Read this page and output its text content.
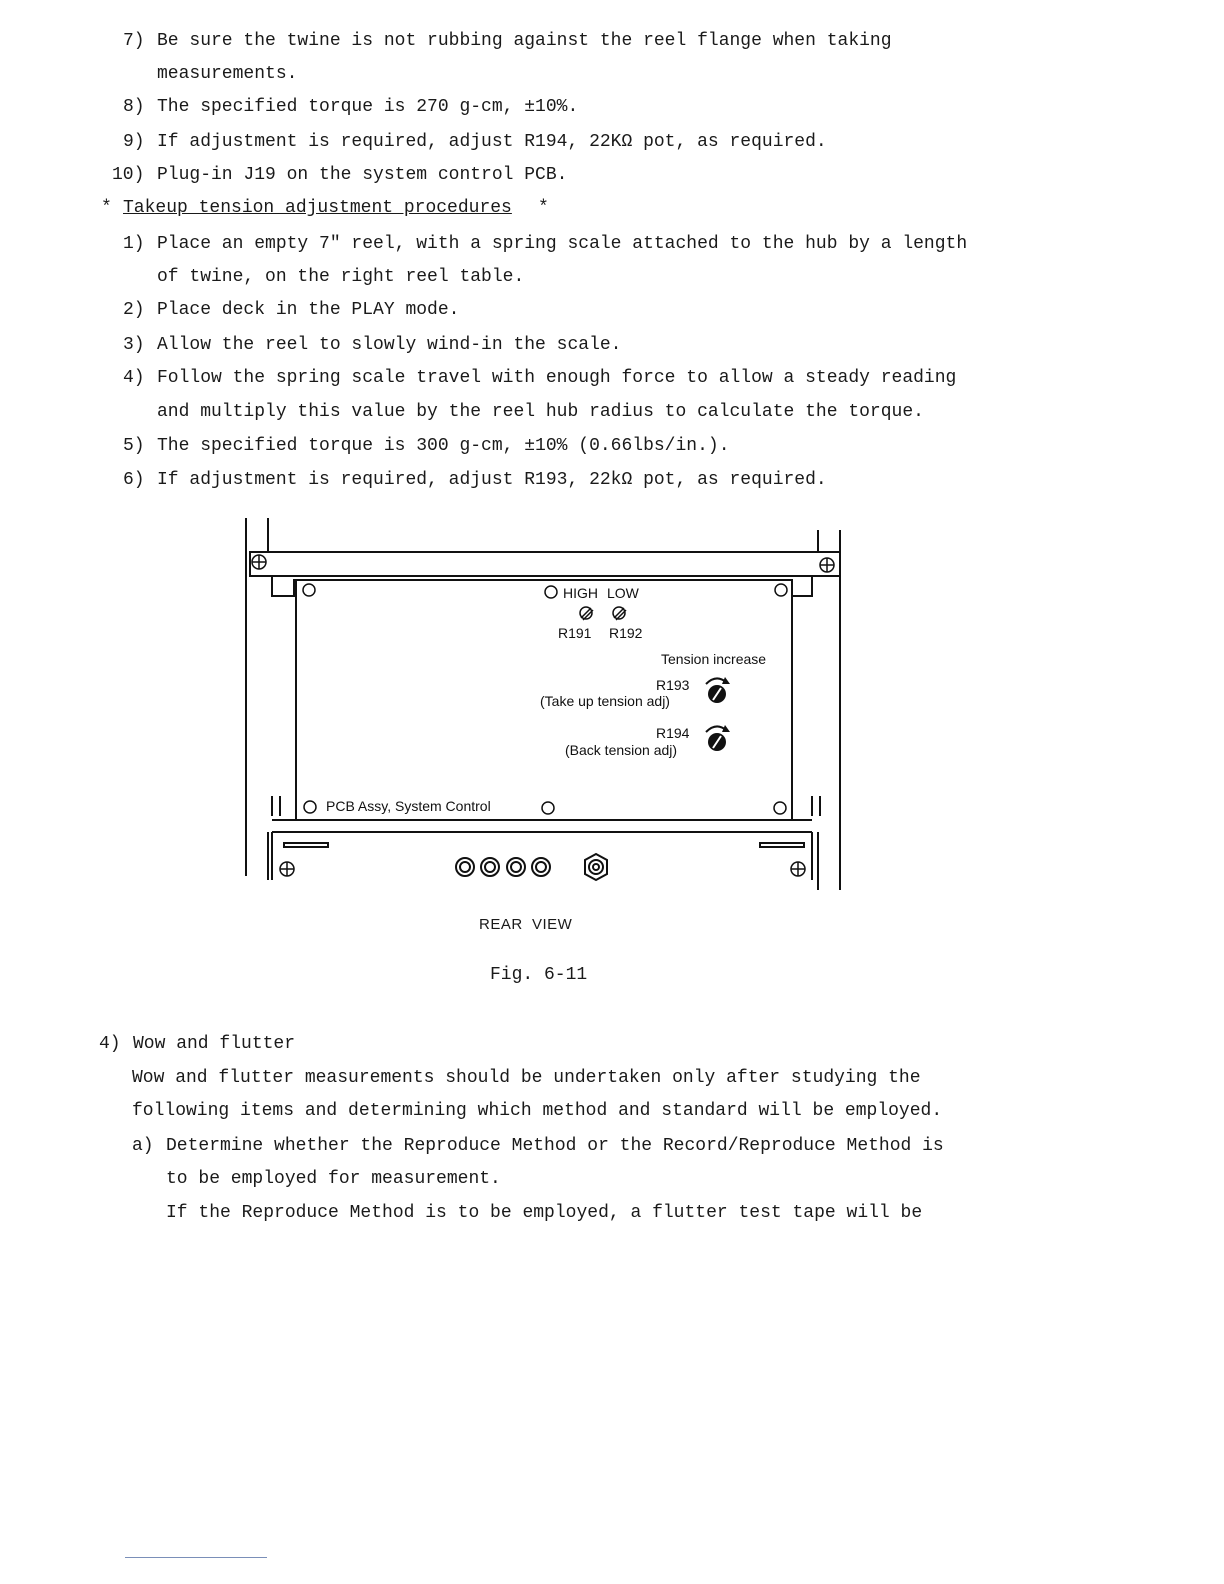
7) Be sure the twine is not rubbing against the reel flange when taking
measurements.
8) The specified torque is 270 g-cm, ±10%.
9) If adjustment is required, adjust R194, 22KΩ pot, as required.
10) Plug-in J19 on the system control PCB.
* Takeup tension adjustment procedures *
1) Place an empty 7" reel, with a spring scale attached to the hub by a length
of twine, on the right reel table.
2) Place deck in the PLAY mode.
3) Allow the reel to slowly wind-in the scale.
4) Follow the spring scale travel with enough force to allow a steady reading
and multiply this value by the reel hub radius to calculate the torque.
5) The specified torque is 300 g-cm, ±10% (0.66lbs/in.).
6) If adjustment is required, adjust R193, 22kΩ pot, as required.
HIGH LOW
R191 R192
Tension increase
R193
(Take up tension adj)
R194
(Back tension adj)
PCB Assy, System Control
REAR  VIEW
Fig. 6-11
4) Wow and flutter
Wow and flutter measurements should be undertaken only after studying the
following items and determining which method and standard will be employed.
a) Determine whether the Reproduce Method or the Record/Reproduce Method is
to be employed for measurement.
If the Reproduce Method is to be employed, a flutter test tape will be
